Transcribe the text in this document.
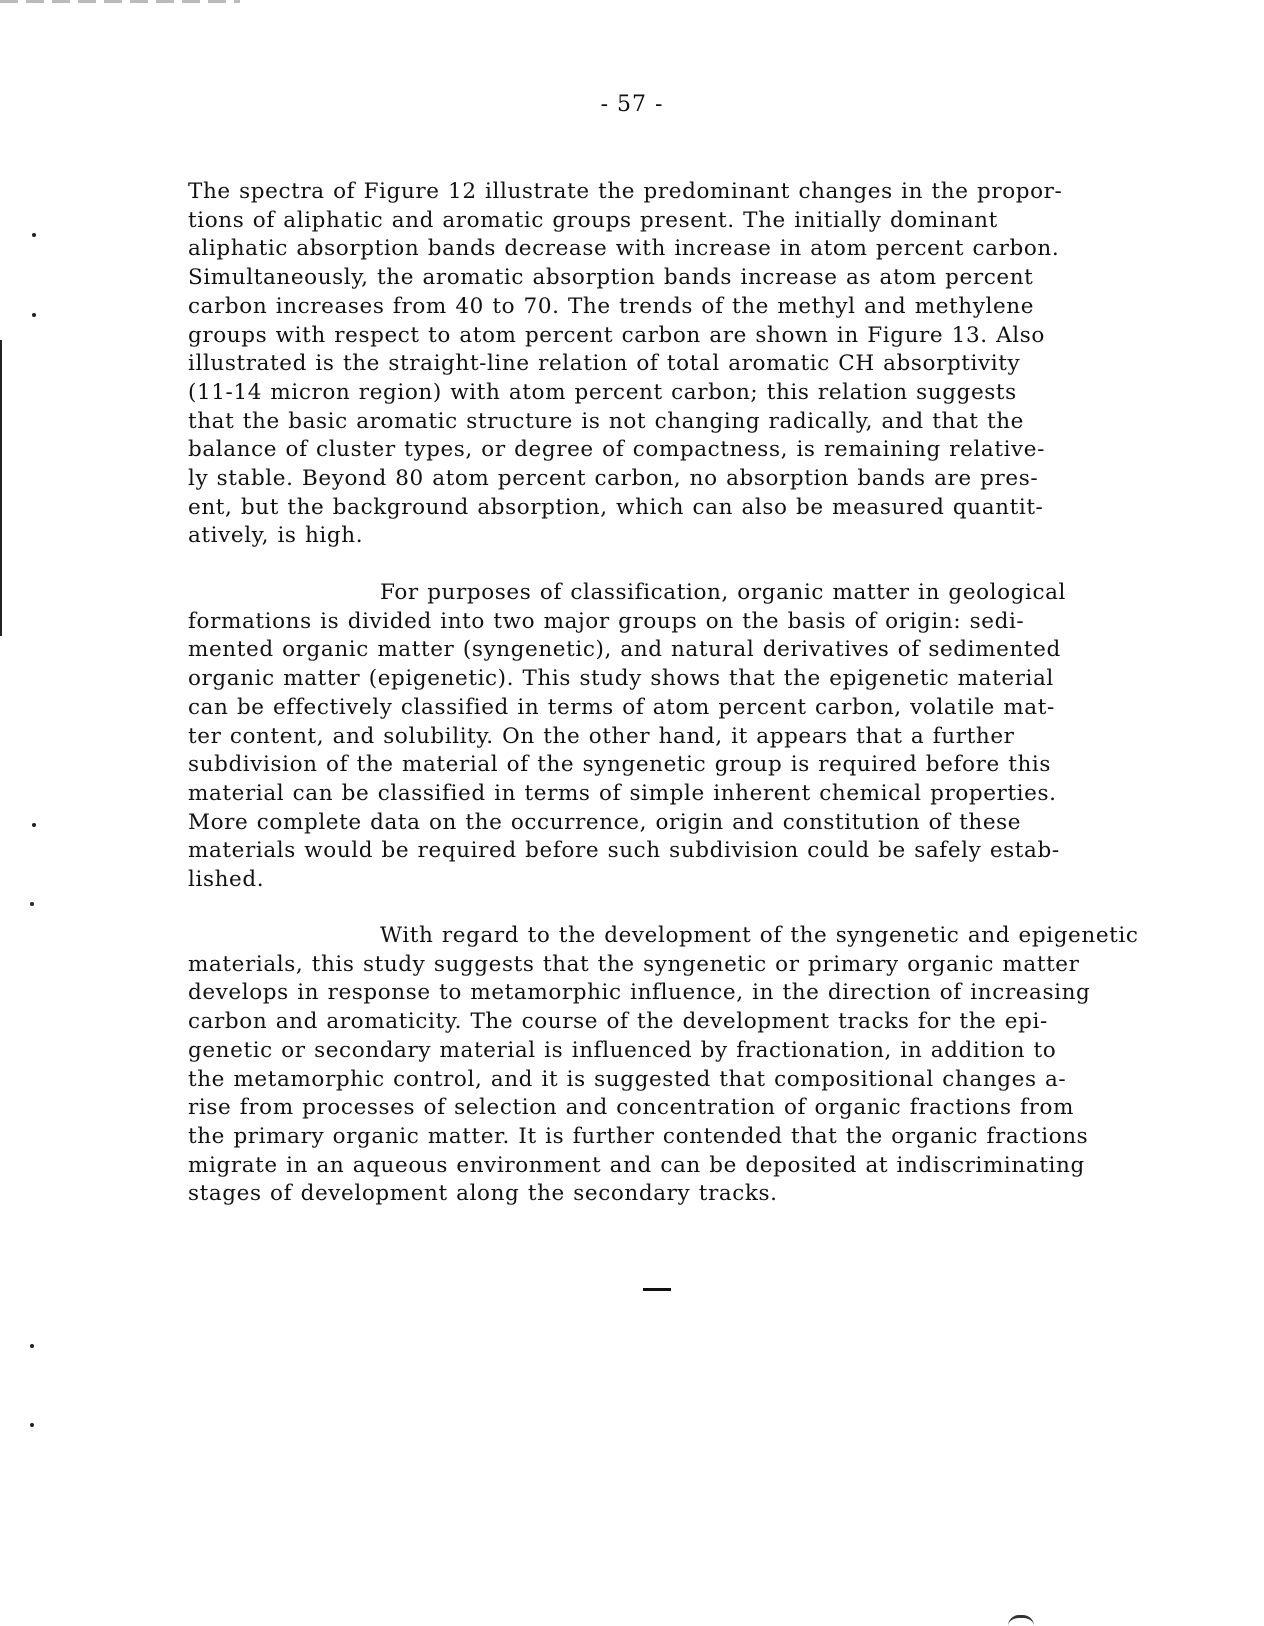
- 57 -
The spectra of Figure 12 illustrate the predominant changes in the propor-
tions of aliphatic and aromatic groups present. The initially dominant
aliphatic absorption bands decrease with increase in atom percent carbon.
Simultaneously, the aromatic absorption bands increase as atom percent
carbon increases from 40 to 70. The trends of the methyl and methylene
groups with respect to atom percent carbon are shown in Figure 13. Also
illustrated is the straight-line relation of total aromatic CH absorptivity
(11-14 micron region) with atom percent carbon; this relation suggests
that the basic aromatic structure is not changing radically, and that the
balance of cluster types, or degree of compactness, is remaining relative-
ly stable. Beyond 80 atom percent carbon, no absorption bands are pres-
ent, but the background absorption, which can also be measured quantit-
atively, is high.
For purposes of classification, organic matter in geological
formations is divided into two major groups on the basis of origin: sedi-
mented organic matter (syngenetic), and natural derivatives of sedimented
organic matter (epigenetic). This study shows that the epigenetic material
can be effectively classified in terms of atom percent carbon, volatile mat-
ter content, and solubility. On the other hand, it appears that a further
subdivision of the material of the syngenetic group is required before this
material can be classified in terms of simple inherent chemical properties.
More complete data on the occurrence, origin and constitution of these
materials would be required before such subdivision could be safely estab-
lished.
With regard to the development of the syngenetic and epigenetic
materials, this study suggests that the syngenetic or primary organic matter
develops in response to metamorphic influence, in the direction of increasing
carbon and aromaticity. The course of the development tracks for the epi-
genetic or secondary material is influenced by fractionation, in addition to
the metamorphic control, and it is suggested that compositional changes a-
rise from processes of selection and concentration of organic fractions from
the primary organic matter. It is further contended that the organic fractions
migrate in an aqueous environment and can be deposited at indiscriminating
stages of development along the secondary tracks.
